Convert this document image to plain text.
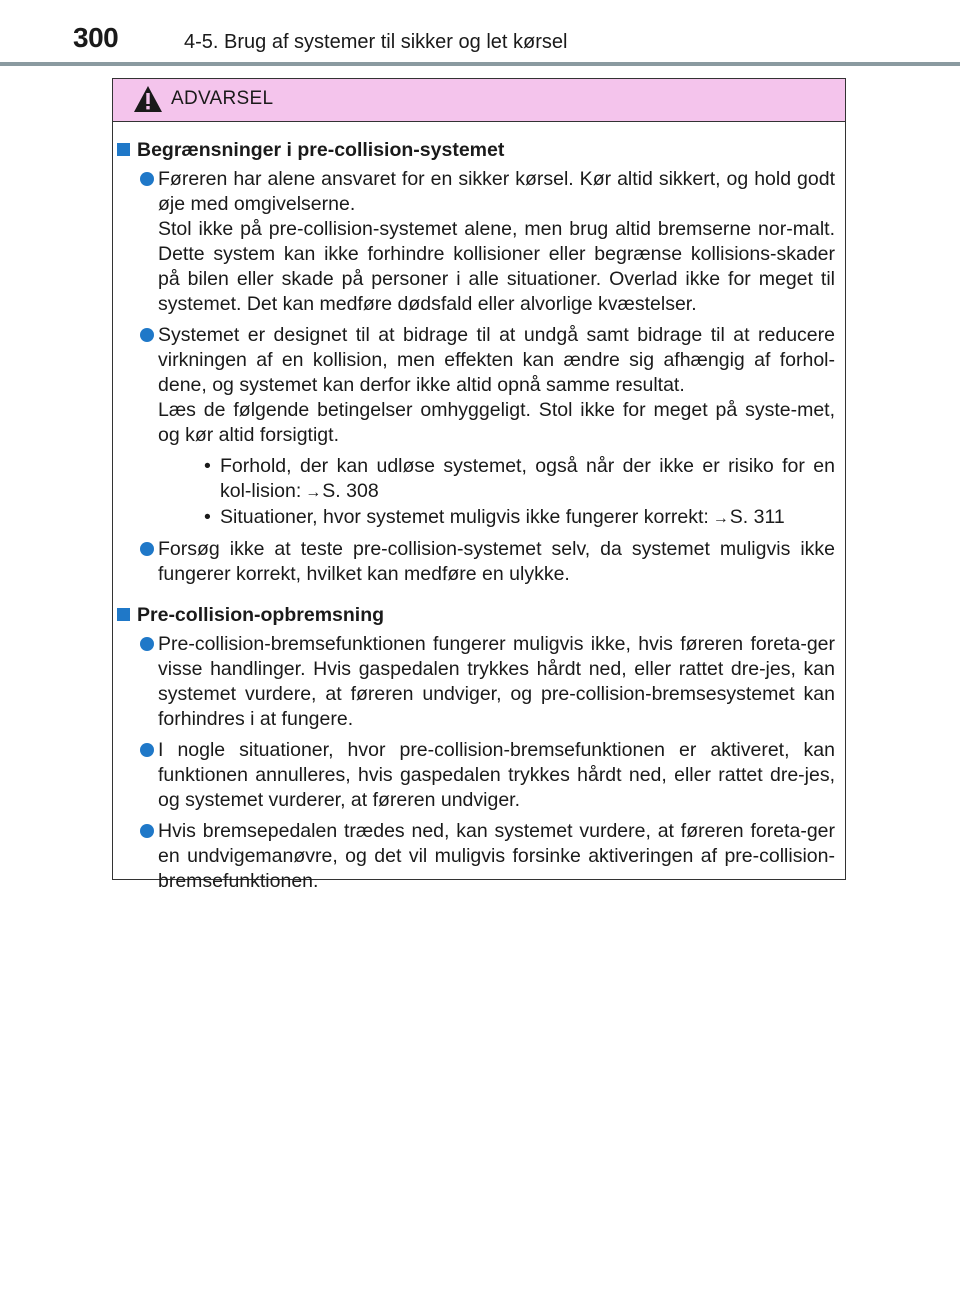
300	4-5. Brug af systemer til sikker og let kørsel
ADVARSEL
Begrænsninger i pre-collision-systemet

Føreren har alene ansvaret for en sikker kørsel. Kør altid sikkert, og hold godt øje med omgivelserne.

Stol ikke på pre-collision-systemet alene, men brug altid bremserne nor-malt. Dette system kan ikke forhindre kollisioner eller begrænse kollisions-skader på bilen eller skade på personer i alle situationer. Overlad ikke for meget til systemet. Det kan medføre dødsfald eller alvorlige kvæstelser.

Systemet er designet til at bidrage til at undgå samt bidrage til at reducere virkningen af en kollision, men effekten kan ændre sig afhængig af forhol-dene, og systemet kan derfor ikke altid opnå samme resultat.

Læs de følgende betingelser omhyggeligt. Stol ikke for meget på syste-met, og kør altid forsigtigt.

• Forhold, der kan udløse systemet, også når der ikke er risiko for en kol-lision: →S. 308
• Situationer, hvor systemet muligvis ikke fungerer korrekt: →S. 311

Forsøg ikke at teste pre-collision-systemet selv, da systemet muligvis ikke fungerer korrekt, hvilket kan medføre en ulykke.

Pre-collision-opbremsning

Pre-collision-bremsefunktionen fungerer muligvis ikke, hvis føreren foreta-ger visse handlinger. Hvis gaspedalen trykkes hårdt ned, eller rattet dre-jes, kan systemet vurdere, at føreren undviger, og pre-collision-bremsesystemet kan forhindres i at fungere.

I nogle situationer, hvor pre-collision-bremsefunktionen er aktiveret, kan funktionen annulleres, hvis gaspedalen trykkes hårdt ned, eller rattet dre-jes, og systemet vurderer, at føreren undviger.

Hvis bremsepedalen trædes ned, kan systemet vurdere, at føreren foreta-ger en undvigemanøvre, og det vil muligvis forsinke aktiveringen af pre-collision-bremsefunktionen.
